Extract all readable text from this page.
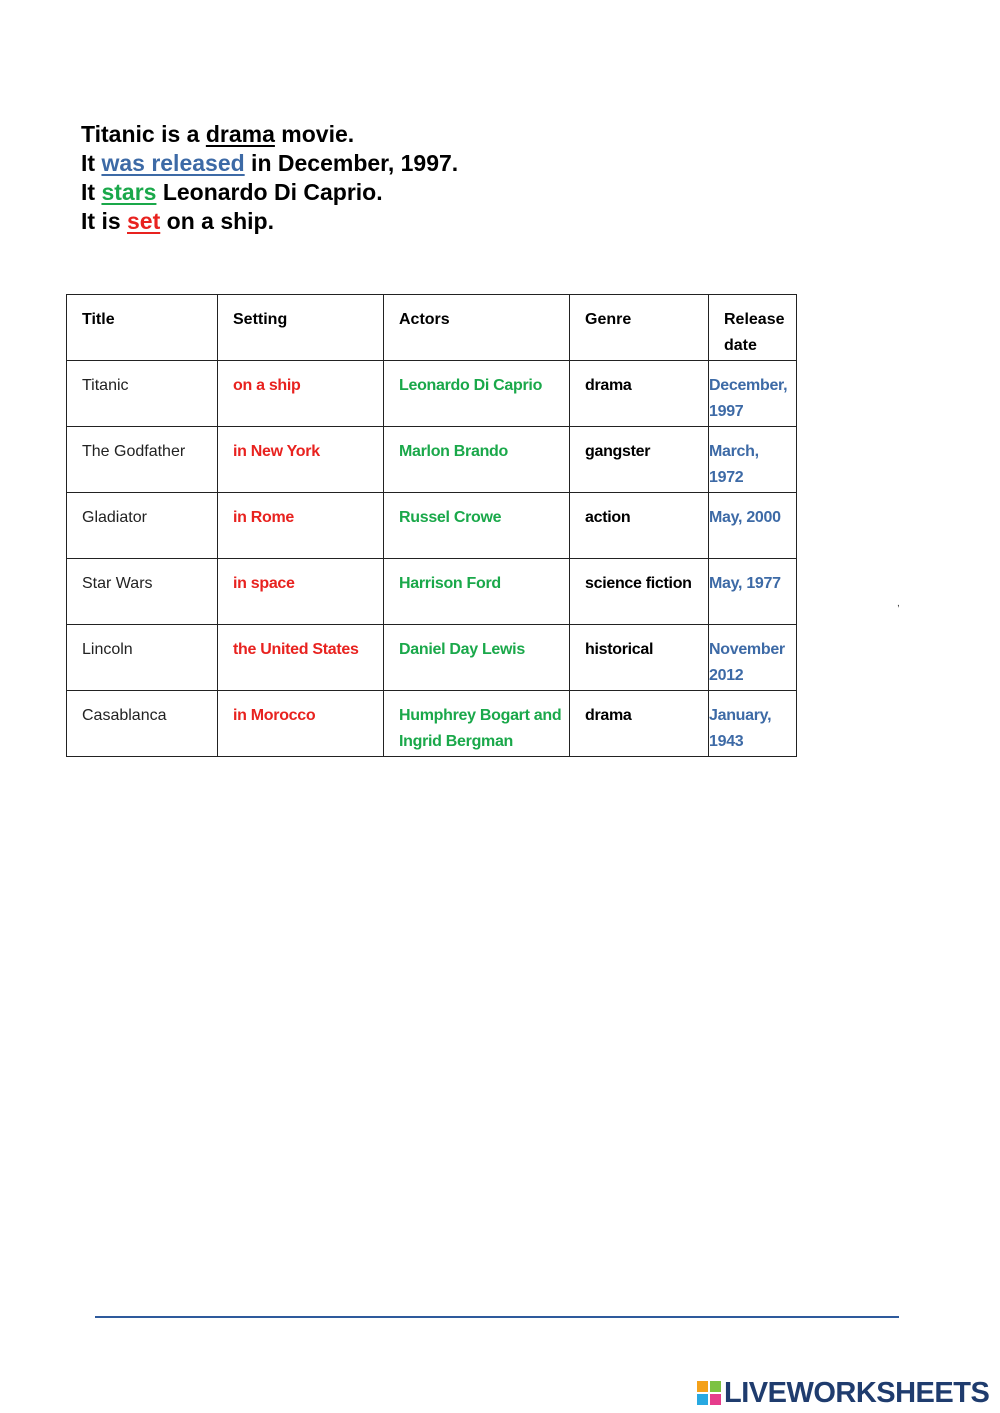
Titanic is a drama movie.
It was released in December, 1997.
It stars Leonardo Di Caprio.
It is set on a ship.
Title	Setting	Actors	Genre	Release
date
Titanic	on a ship	Leonardo Di Caprio	drama	December, 1997
The Godfather	in New York	Marlon Brando	gangster	March, 1972
Gladiator	in Rome	Russel Crowe	action	May, 2000
Star Wars	in space	Harrison Ford	science fiction	May, 1977
Lincoln	the United States	Daniel Day Lewis	historical	November 2012
Casablanca	in Morocco	Humphrey Bogart and Ingrid Bergman	drama	January, 1943
,
LIVEWORKSHEETS
